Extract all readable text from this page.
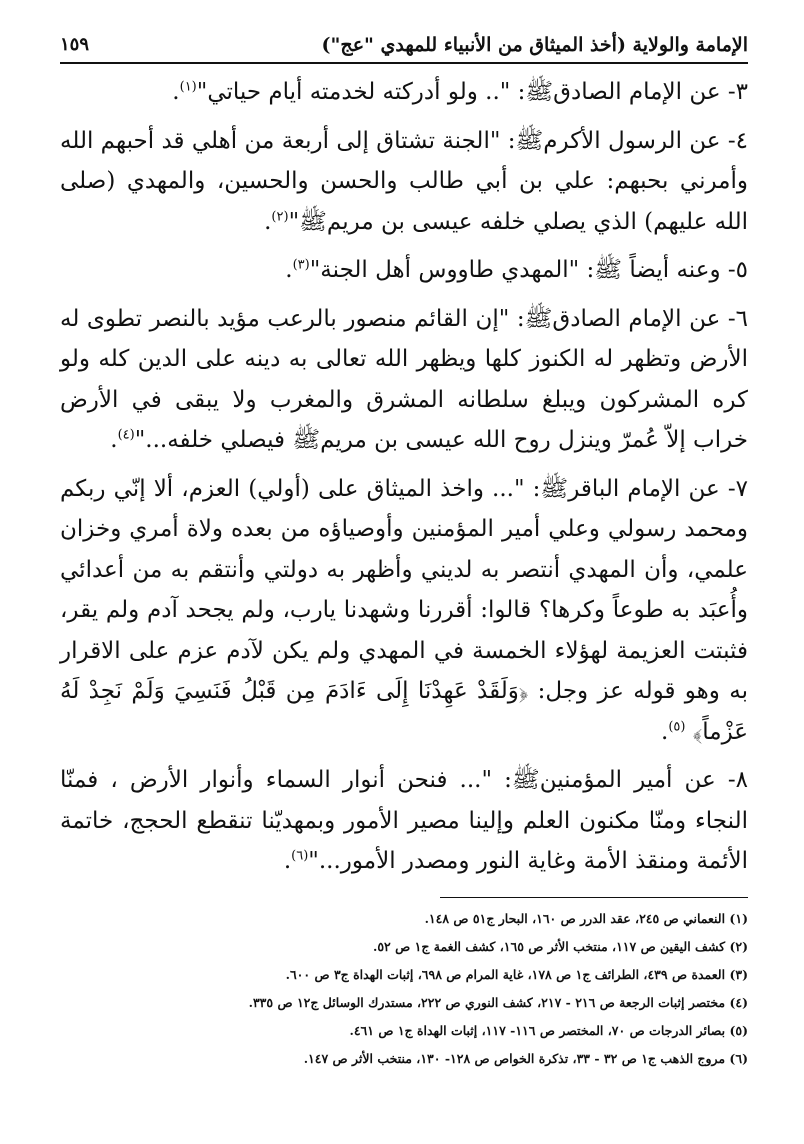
الإمامة والولاية (أخذ الميثاق من الأنبياء للمهدي "عج")
١٥٩

٣- عن الإمام الصادقﷺ: ".. ولو أدركته لخدمته أيام حياتي"$^{(١)}$.

٤- عن الرسول الأكرمﷺ: "الجنة تشتاق إلى أربعة من أهلي قد أحبهم الله وأمرني بحبهم: علي بن أبي طالب والحسن والحسين، والمهدي (صلى الله عليهم) الذي يصلي خلفه عيسى بن مريمﷺ"$^{(٢)}$.

٥- وعنه أيضاً ﷺ: "المهدي طاووس أهل الجنة"$^{(٣)}$.

٦- عن الإمام الصادقﷺ: "إن القائم منصور بالرعب مؤيد بالنصر تطوى له الأرض وتظهر له الكنوز كلها ويظهر الله تعالى به دينه على الدين كله ولو كره المشركون ويبلغ سلطانه المشرق والمغرب ولا يبقى في الأرض خراب إلاّ عُمرّ وينزل روح الله عيسى بن مريمﷺ فيصلي خلفه..."$^{(٤)}$.

٧- عن الإمام الباقرﷺ: "... واخذ الميثاق على (أولي) العزم، ألا إنّي ربكم ومحمد رسولي وعلي أمير المؤمنين وأوصياؤه من بعده ولاة أمري وخزان علمي، وأن المهدي أنتصر به لديني وأظهر به دولتي وأنتقم به من أعدائي وأُعبَد به طوعاً وكرها؟ قالوا: أقررنا وشهدنا يارب، ولم يجحد آدم ولم يقر، فثبتت العزيمة لهؤلاء الخمسة في المهدي ولم يكن لآدم عزم على الاقرار به وهو قوله عز وجل: ﴿وَلَقَدْ عَهِدْنَا إِلَى ءَادَمَ مِن قَبْلُ فَنَسِيَ وَلَمْ نَجِدْ لَهُ عَزْماً﴾ $^{(٥)}$.

٨- عن أمير المؤمنينﷺ: "... فنحن أنوار السماء وأنوار الأرض ، فمنّا النجاء ومنّا مكنون العلم وإلينا مصير الأمور وبمهديّنا تنقطع الحجج، خاتمة الأئمة ومنقذ الأمة وغاية النور ومصدر الأمور..."$^{(٦)}$.

(١) النعماني ص ٢٤٥، عقد الدرر ص ١٦٠، البحار ج٥١ ص ١٤٨.
(٢) كشف اليقين ص ١١٧، منتخب الأثر ص ١٦٥، كشف الغمة ج١ ص ٥٢.
(٣) العمدة ص ٤٣٩، الطرائف ج١ ص ١٧٨، غاية المرام ص ٦٩٨، إثبات الهداة ج٣ ص ٦٠٠.
(٤) مختصر إثبات الرجعة ص ٢١٦ - ٢١٧، كشف النوري ص ٢٢٢، مستدرك الوسائل ج١٢ ص ٣٣٥.
(٥) بصائر الدرجات ص ٧٠، المختصر ص ١١٦- ١١٧، إثبات الهداة ج١ ص ٤٦١.
(٦) مروج الذهب ج١ ص ٣٢ - ٣٣، تذكرة الخواص ص ١٢٨- ١٣٠، منتخب الأثر ص ١٤٧.
